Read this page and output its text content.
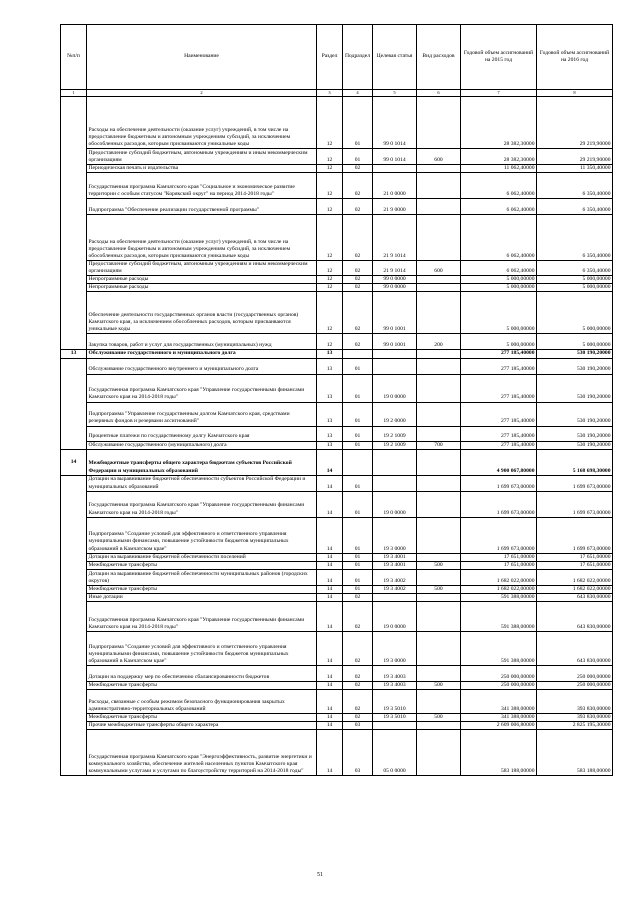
№п/п	Наименование	Раздел	Подраздел	Целевая статья	Вид расходов	Годовой объем ассигнований на 2015 год	Годовой объем ассигнований на 2016 год
1	2	3	4	5	6	7	8
	Расходы на обеспечение деятельности (оказание услуг) учреждений, в том числе на предоставление бюджетным и автономным учреждениям субсидий, за исключением обособленных расходов, которым присваиваются уникальные коды	12	01	99 0 1014		28 382,30000	29 219,90000
	Предоставление субсидий бюджетным, автономным учреждениям и иным некоммерческим организациям	12	01	99 0 1014	600	28 382,30000	29 219,90000
	Периодическая печать и издательства	12	02			11 062,40000	11 350,40000
	Государственная программа Камчатского края "Социальное и экономическое развитие территории с особым статусом "Корякский округ" на период 2014-2018 годы"	12	02	21 0 0000		6 062,40000	6 350,40000
	Подпрограмма "Обеспечение реализации государственной программы"	12	02	21 9 0000		6 062,40000	6 350,40000
	Расходы на обеспечение деятельности (оказание услуг) учреждений, в том числе на предоставление бюджетным и автономным учреждениям субсидий, за исключением обособленных расходов, которым присваиваются уникальные коды	12	02	21 9 1014		6 062,40000	6 350,40000
	Предоставление субсидий бюджетным, автономным учреждениям и иным некоммерческим организациям	12	02	21 9 1014	600	6 062,40000	6 350,40000
	Непрограммные расходы	12	02	99 0 0000		5 000,00000	5 000,00000
	Непрограммные расходы	12	02	99 0 0000		5 000,00000	5 000,00000
	Обеспечение деятельности государственных органов власти (государственных органов) Камчатского края, за исключением обособленных расходов, которым присваиваются уникальные коды	12	02	99 0 1001		5 000,00000	5 000,00000
	Закупка товаров, работ и услуг для государственных (муниципальных) нужд	12	02	99 0 1001	200	5 000,00000	5 000,00000
13	Обслуживание государственного и муниципального долга	13				277 185,40000	530 190,20000
	Обслуживание государственного внутреннего и муниципального долга	13	01			277 185,40000	530 190,20000
	Государственная программа Камчатского края "Управление государственными финансами Камчатского края на 2014-2018 годы"	13	01	19 0 0000		277 185,40000	530 190,20000
	Подпрограмма "Управление государственным долгом Камчатского края, средствами резервных фондов и резервами ассигнований"	13	01	19 2 0000		277 185,40000	530 190,20000
	Процентные платежи по государственному долгу Камчатского края	13	01	19 2 1009		277 185,40000	530 190,20000
	Обслуживание государственного (муниципального) долга	13	01	19 2 1009	700	277 185,40000	530 190,20000
14	Межбюджетные трансферты общего характера бюджетам субъектов Российской Федерации и муниципальных образований	14				4 900 067,80000	5 168 698,30000
	Дотации на выравнивание бюджетной обеспеченности субъектов Российской Федерации и муниципальных образований	14	01			1 699 673,00000	1 699 673,00000
	Государственная программа Камчатского края "Управление государственными финансами Камчатского края на 2014-2018 годы"	14	01	19 0 0000		1 699 673,00000	1 699 673,00000
	Подпрограмма "Создание условий для эффективного и ответственного управления муниципальными финансами, повышение устойчивости бюджетов муниципальных образований в Камчатском крае"	14	01	19 3 0000		1 699 673,00000	1 699 673,00000
	Дотации на выравнивание бюджетной обеспеченности поселений	14	01	19 3 4001		17 651,00000	17 651,00000
	Межбюджетные трансферты	14	01	19 3 4001	500	17 651,00000	17 651,00000
	Дотации на выравнивание бюджетной обеспеченности муниципальных районов (городских округов)	14	01	19 3 4002		1 682 022,00000	1 682 022,00000
	Межбюджетные трансферты	14	01	19 3 4002	500	1 682 022,00000	1 682 022,00000
	Иные дотации	14	02			591 388,00000	643 830,00000
	Государственная программа Камчатского края "Управление государственными финансами Камчатского края на 2014-2018 годы"	14	02	19 0 0000		591 388,00000	643 830,00000
	Подпрограмма "Создание условий для эффективного и ответственного управления муниципальными финансами, повышение устойчивости бюджетов муниципальных образований в Камчатском крае"	14	02	19 3 0000		591 388,00000	643 830,00000
	Дотации на поддержку мер по обеспечению сбалансированности бюджетов	14	02	19 3 4003		250 000,00000	250 000,00000
	Межбюджетные трансферты	14	02	19 3 4003	500	250 000,00000	250 000,00000
	Расходы, связанные с особым режимом безопасного функционирования закрытых административно-территориальных образований	14	02	19 3 5010		341 388,00000	393 830,00000
	Межбюджетные трансферты	14	02	19 3 5010	500	341 388,00000	393 830,00000
	Прочие межбюджетные трансферты общего характера	14	03			2 609 006,80000	2 825 195,30000
	Государственная программа Камчатского края "Энергоэффективность, развитие энергетики и коммунального хозяйства, обеспечение жителей населенных пунктов Камчатского края коммунальными услугами и услугами по благоустройству территорий на 2014-2018 годы"	14	03	05 0 0000		583 188,00000	583 188,00000
51
